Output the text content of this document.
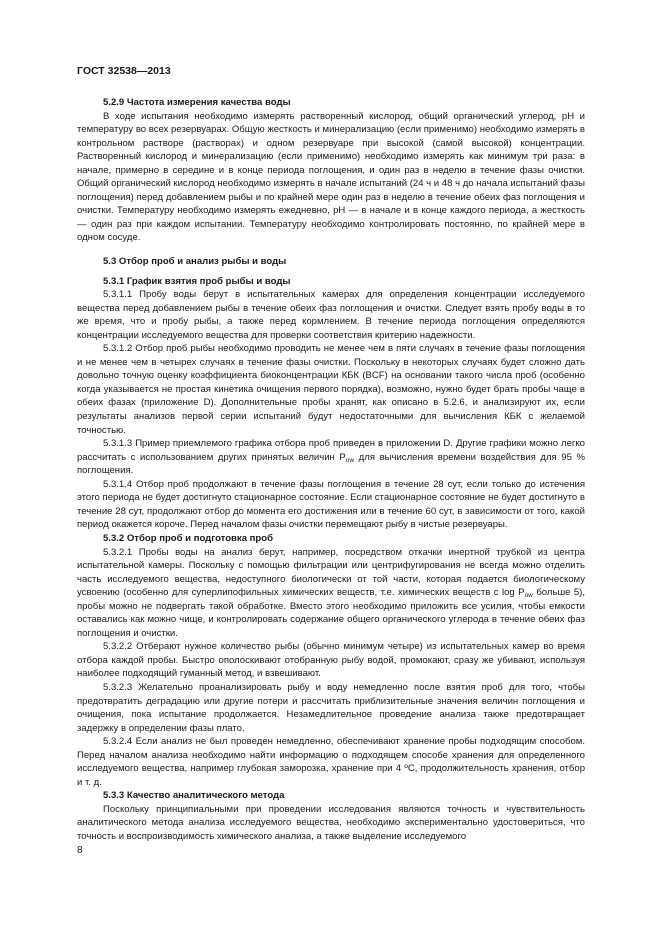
ГОСТ 32538—2013

5.2.9 Частота измерения качества воды

В ходе испытания необходимо измерять растворенный кислород, общий органический углерод, pH и температуру во всех резервуарах. Общую жесткость и минерализацию (если применимо) необходимо измерять в контрольном растворе (растворах) и одном резервуаре при высокой (самой высокой) концентрации. Растворенный кислород и минерализацию (если применимо) необходимо измерять как минимум три раза: в начале, примерно в середине и в конце периода поглощения, и один раз в неделю в течение фазы очистки. Общий органический кислород необходимо измерять в начале испытаний (24 ч и 48 ч до начала испытаний фазы поглощения) перед добавлением рыбы и по крайней мере один раз в неделю в течение обеих фаз поглощения и очистки. Температуру необходимо измерять ежедневно, pH — в начале и в конце каждого периода, а жесткость — один раз при каждом испытании. Температуру необходимо контролировать постоянно, по крайней мере в одном сосуде.

5.3 Отбор проб и анализ рыбы и воды

5.3.1 График взятия проб рыбы и воды

5.3.1.1 Пробу воды берут в испытательных камерах для определения концентрации исследуемого вещества перед добавлением рыбы в течение обеих фаз поглощения и очистки. Следует взять пробу воды в то же время, что и пробу рыбы, а также перед кормлением. В течение периода поглощения определяются концентрации исследуемого вещества для проверки соответствия критерию надежности.

5.3.1.2 Отбор проб рыбы необходимо проводить не менее чем в пяти случаях в течение фазы поглощения и не менее чем в четырех случаях в течение фазы очистки. Поскольку в некоторых случаях будет сложно дать довольно точную оценку коэффициента биоконцентрации КБК (BCF) на основании такого числа проб (особенно когда указывается не простая кинетика очищения первого порядка), возможно, нужно будет брать пробы чаще в обеих фазах (приложение D). Дополнительные пробы хранят, как описано в 5.2.6, и анализируют их, если результаты анализов первой серии испытаний будут недостаточными для вычисления КБК с желаемой точностью.

5.3.1.3 Пример приемлемого графика отбора проб приведен в приложении D. Другие графики можно легко рассчитать с использованием других принятых величин $P_{ow}$ для вычисления времени воздействия для 95 % поглощения.

5.3.1.4 Отбор проб продолжают в течение фазы поглощения в течение 28 сут, если только до истечения этого периода не будет достигнуто стационарное состояние. Если стационарное состояние не будет достигнуто в течение 28 сут, продолжают отбор до момента его достижения или в течение 60 сут, в зависимости от того, какой период окажется короче. Перед началом фазы очистки перемещают рыбу в чистые резервуары.

5.3.2 Отбор проб и подготовка проб

5.3.2.1 Пробы воды на анализ берут, например, посредством откачки инертной трубкой из центра испытательной камеры. Поскольку с помощью фильтрации или центрифугирования не всегда можно отделить часть исследуемого вещества, недоступного биологически от той части, которая подается биологическому усвоению (особенно для суперлипофильных химических веществ, т.е. химических веществ с $\log P_{ow}$ больше 5), пробы можно не подвергать такой обработке. Вместо этого необходимо приложить все усилия, чтобы емкости оставались как можно чище, и контролировать содержание общего органического углерода в течение обеих фаз поглощения и очистки.

5.3.2.2 Отберают нужное количество рыбы (обычно минимум четыре) из испытательных камер во время отбора каждой пробы. Быстро ополоскивают отобранную рыбу водой, промокают, сразу же убивают, используя наиболее подходящий гуманный метод, и взвешивают.

5.3.2.3 Желательно проанализировать рыбу и воду немедленно после взятия проб для того, чтобы предотвратить деградацию или другие потери и рассчитать приблизительные значения величин поглощения и очищения, пока испытание продолжается. Незамедлительное проведение анализа также предотвращает задержку в определении фазы плато.

5.3.2.4 Если анализ не был проведен немедленно, обеспечивают хранение пробы подходящим способом. Перед началом анализа необходимо найти информацию о подходящем способе хранения для определенного исследуемого вещества, например глубокая заморозка, хранение при 4 ºC, продолжительность хранения, отбор и т. д.

5.3.3 Качество аналитического метода

Поскольку принципиальными при проведении исследования являются точность и чувствительность аналитического метода анализа исследуемого вещества, необходимо экспериментально удостовериться, что точность и воспроизводимость химического анализа, а также выделение исследуемого

8
